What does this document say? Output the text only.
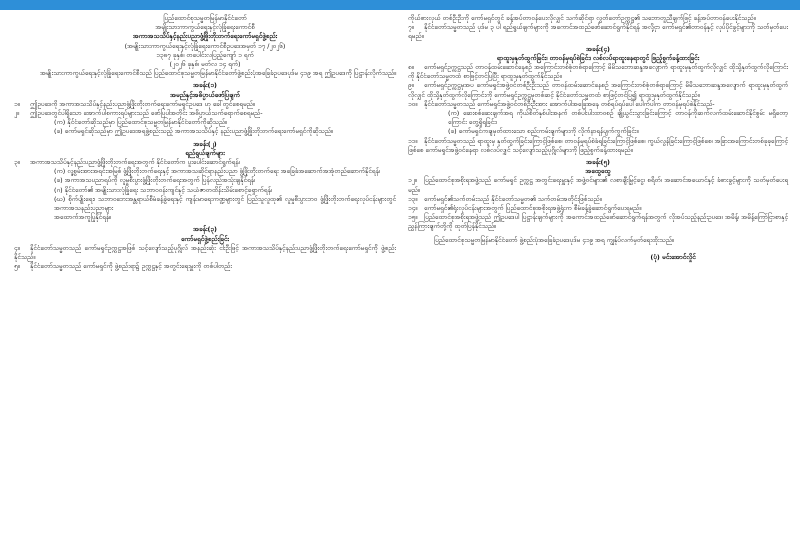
ပြည်ထောင်စုသမ္မတမြန်မာနိုင်ငံတော်
အမျိုးသားကာကွယ်ရေးနှင့်လုံခြုံရေးကောင်စီ
အကာအသသိပ်နှင့်နည်းပညာဖွံ့ဖြိုးတိုးတက်ရေးကော်မရှင်ဖွဲ့စည်း
(အမျိုးသားကာကွယ်ရေးနှင့်လုံခြုံရေးကောင်စီဥပဒေအမှတ် ၁၇ /၂၀၂၆)
၁၃၈၇ ခုနှစ်၊ တပေါင်းလပြည့်ကျော် ၁ ရက်
(၂၀၂၆ ခုနှစ်၊ မတ်လ ၁၄ ရက်)
အမျိုးသားကာကွယ်ရေးနှင့်လုံခြုံရေးကောင်စီသည် ပြည်ထောင်စုသမ္မတမြန်မာနိုင်ငံတော်ဖွဲ့စည်းပုံအခြေခံဥပဒေပုဒ်မ ၄၁၉ အရ ဤဥပဒေကို ပြဋ္ဌာန်းလိုက်သည်။
အခန်း(၁)
အမည်နှင့်အဓိပ္ပာယ်ဖော်ပြချက်
၁။ ဤဥပဒေကို အကာအသသိပ်နှင့်နည်းပညာဖွံ့ဖြိုးတိုးတက်ရေးကော်မရှင်ဥပဒေ ဟု ခေါ်တွင်စေရမည်။
၂။ ဤဥပဒေတွင်ပါရှိသော အောက်ပါစကားရပ်များသည် ဖော်ပြပါအတိုင်း အဓိပ္ပာယ်သက်ရောက်စေရမည်-
(က) နိုင်ငံတော်ဆိုသည်မှာ ပြည်ထောင်စုသမ္မတမြန်မာနိုင်ငံတော်ကိုဆိုသည်။
(ခ) ကော်မရှင်ဆိုသည်မှာ ဤဥပဒေအရဖွဲ့စည်းသည့် အကာအသသိပ်နှင့် နည်းပညာဖွံ့ဖြိုးတိုးတက်ရေးကော်မရှင်ကိုဆိုသည်။
အခန်း(၂)
ရည်ရွယ်ချက်များ
၃။ အကာအသသိပ်နှင့်နည်းပညာဖွံ့ဖြိုးတိုးတက်ရေးအတွက် နိုင်ငံတော်က ပူးပေါင်းဆောင်ရွက်ရန်၊
(က) လူ့စွမ်းအားအရင်းအမြစ် ဖွံ့ဖြိုးတိုးတက်ရေးနှင့် အကာအသဆိုင်ရာနည်းပညာ ဖွံ့ဖြိုးတိုးတက်ရေး အခြေခံအဆောက်အအုံတည်ဆောက်နိုင်ရန်၊
(ခ) အကာအသပညာရပ်ကို လူမှုစီးပွားဖွံ့ဖြိုးတိုးတက်ရေးအတွက် ပြန်လည်အသုံးချနိုင်ရန်၊
(ဂ) နိုင်ငံတော်၏ အမျိုးသားလုံခြုံရေး သဘာဝဝန်းကျင်နှင့် သယံဇာတထိန်းသိမ်းစောင့်ရှောက်ရန်၊
(ဃ) စိုက်ပျိုးရေး၊ သဘာဝဘေးအန္တရာယ်စီမံခန့်ခွဲရေးနှင့် ကျန်းမာရေးကဏ္ဍများတွင် ပြည်သူလူထု၏ လူမှုစီးပွားဘဝ ဖွံ့ဖြိုးတိုးတက်ရေးလုပ်ငန်းများတွင် အကာအသနည်းပညာများ
အထောက်အကူပြုနိုင်ရန်။
အခန်း(၃)
ကော်မရှင်ဖွဲ့စည်းခြင်း
၄။ နိုင်ငံတော်သမ္မတသည် ကော်မရှင်ဥက္ကဋ္ဌအဖြစ် သင့်လျော်သည့်ပုဂ္ဂိုလ် အနည်းဆုံး ငါးဦးဖြင့် အကာအသသိပ်နှင့်နည်းပညာဖွံ့ဖြိုးတိုးတက်ရေးကော်မရှင်ကို ဖွဲ့စည်းနိုင်သည်။
၅။ နိုင်ငံတော်သမ္မတသည် ကော်မရှင်ကို ဖွဲ့စည်းရာ၌ ဥက္ကဋ္ဌနှင့် အတွင်းရေးမှူးကို တစ်ပါတည်း
ကိုယ်စားလှယ် တစ်ဦးဦးကို ကော်မရှင်တွင် ခန့်အပ်တာဝန်ပေးလိုလျှင် သက်ဆိုင်ရာ လွှတ်တော်ဥက္ကဋ္ဌ၏ သဘောတူညီချက်ဖြင့် ခန့်အပ်တာဝန်ပေးနိုင်သည်။
၇။ နိုင်ငံတော်သမ္မတသည် ပုဒ်မ ၃ ပါ ရည်ရွယ်ချက်များကို အကောင်အထည်ဖော်ဆောင်ရွက်နိုင်ရန် အလို့ငှာ ကော်မရှင်၏တာဝန်နှင့် လုပ်ပိုင်ခွင့်များကို သတ်မှတ်ပေးရမည်။
အခန်း(၄)
ရာထူးမှနုတ်ထွက်ခြင်း၊ တာဝန်မှရပ်စဲခြင်း၊ လစ်လပ်ရာထူးနေရာတွင် ဖြည့်စွက်ခန့်ထားခြင်း
၈။ ကော်မရှင်ဥက္ကဋ္ဌသည် တာဝန်ထမ်းဆောင်နေစဉ် အကြောင်းတစ်စုံတစ်ရာကြောင့် မိမိသဘောဆန္ဒအလျောက် ရာထူးမှနုတ်ထွက်လိုလျှင် ထိုသို့နုတ်ထွက်လိုကြောင်းကို နိုင်ငံတော်သမ္မတထံ စာဖြင့်တင်ပြပြီး ရာထူးမှနုတ်ထွက်နိုင်သည်။
၉။ ကော်မရှင်ဥက္ကဋ္ဌမှအပ ကော်မရှင်အဖွဲ့ဝင်တစ်ဦးဦးသည် တာဝန်ထမ်းဆောင်နေစဉ် အကြောင်းတစ်စုံတစ်ရာကြောင့် မိမိသဘောဆန္ဒအလျောက် ရာထူးမှနုတ်ထွက်လိုလျှင် ထိုသို့နုတ်ထွက်လိုကြောင်းကို ကော်မရှင်ဥက္ကဋ္ဌမှတစ်ဆင့် နိုင်ငံတော်သမ္မတထံ စာဖြင့်တင်ပြ၍ ရာထူးမှနုတ်ထွက်နိုင်သည်။
၁၀။ နိုင်ငံတော်သမ္မတသည် ကော်မရှင်အဖွဲ့ဝင်တစ်ဦးဦးအား အောက်ပါအခြေအနေ တစ်ရပ်ရပ်ပေါ်ပေါက်ပါက တာဝန်မှရပ်စဲနိုင်သည်-
(က) ဆေးစစ်ဆေးချက်အရ ကိုယ်စိတ်နှစ်ပါးအနက် တစ်ပါးပါးထာဝစဉ် ချို့ယွင်းသွားခြင်းကြောင့် တာဝန်ကိုဆက်လက်ထမ်းဆောင်နိုင်စွမ်း မရှိတော့ကြောင်း တွေ့ရှိရခြင်း၊
(ခ) ကော်မရှင်ကချမှတ်ထားသော စည်းကမ်းချက်များကို လိုက်နာရန်ပျက်ကွက်ခြင်း။
၁၁။ နိုင်ငံတော်သမ္မတသည် ရာထူးမှ နုတ်ထွက်ခြင်းကြောင့်ဖြစ်စေ၊ တာဝန်မှရပ်စဲခံရခြင်းကြောင့်ဖြစ်စေ၊ ကွယ်လွန်ခြင်းကြောင့်ဖြစ်စေ၊ အခြားအကြောင်းတစ်ခုခုကြောင့်ဖြစ်စေ ကော်မရှင်အဖွဲ့ဝင်နေရာ လစ်လပ်လျှင် သင့်လျော်သည့်ပုဂ္ဂိုလ်များကို ဖြည့်စွက်ခန့်ထားရမည်။
အခန်း(၅)
အထွေထွေ
၁၂။ ပြည်ထောင်စုအစိုးရအဖွဲ့သည် ကော်မရှင် ဥက္ကဋ္ဌ အတွင်းရေးမှူးနှင့် အဖွဲ့ဝင်များ၏ လစာချီးမြှင့်ငွေ၊ စရိတ်၊ အဆောင်အယောင်နှင့် ခံစားခွင့်များကို သတ်မှတ်ပေးရမည်။
၁၃။ ကော်မရှင်၏သက်တမ်းသည် နိုင်ငံတော်သမ္မတ၏ သက်တမ်းအတိုင်းဖြစ်သည်။
၁၄။ ကော်မရှင်၏ရုံးလုပ်ငန်းများအတွက် ပြည်ထောင်စုအစိုးရအဖွဲ့ရုံးက စီမံခန့်ခွဲဆောင်ရွက်ပေးရမည်။
၁၅။ ပြည်ထောင်စုအစိုးရအဖွဲ့သည် ဤဥပဒေပါ ပြဋ္ဌာန်းချက်များကို အကောင်အထည်ဖော်ဆောင်ရွက်ရန်အတွက် လိုအပ်သည့်နည်းဥပဒေ၊ အမိန့်၊ အမိန့်ကြော်ငြာစာနှင့် ညွှန်ကြားချက်တို့ကို ထုတ်ပြန်နိုင်သည်။
ပြည်ထောင်စုသမ္မတမြန်မာနိုင်ငံတော် ဖွဲ့စည်းပုံအခြေခံဥပဒေပုဒ်မ ၄၁၉ အရ ကျွန်ုပ်လက်မှတ်ရေးထိုးသည်။
(ပုံ) မင်းအောင်လှိုင်
